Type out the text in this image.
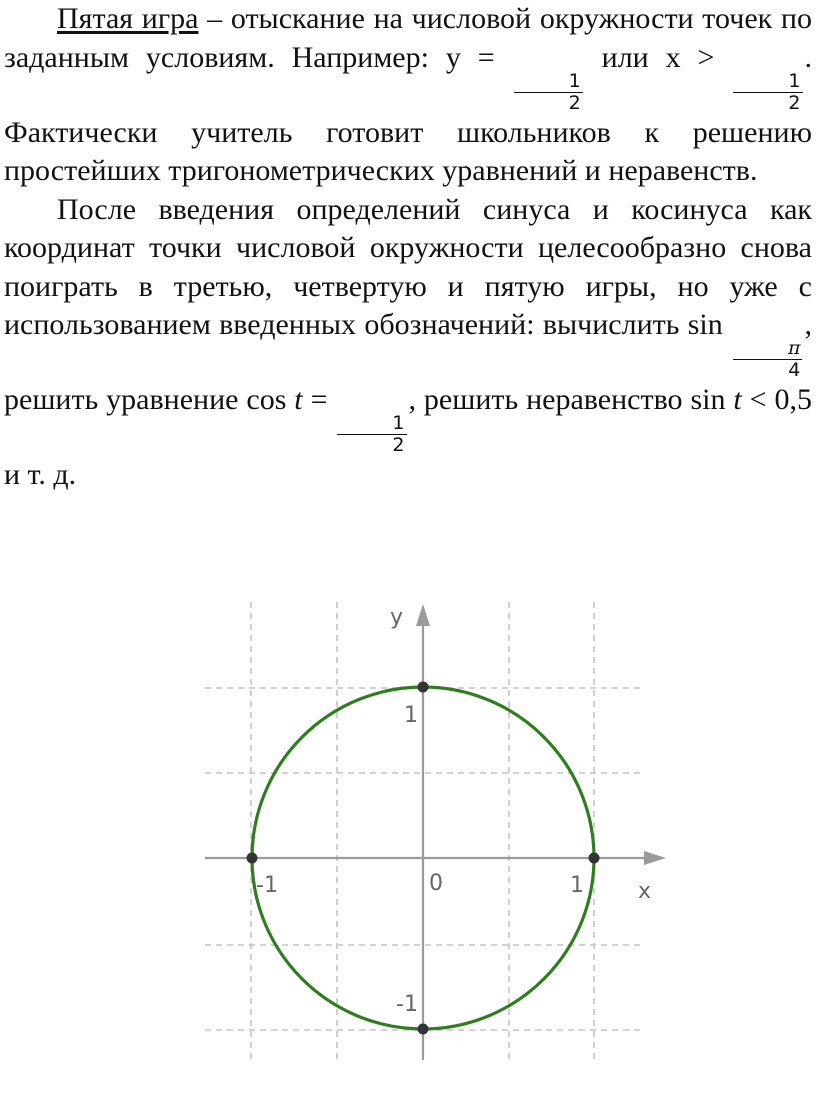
Пятая игра – отыскание на числовой окружности точек по заданным условиям. Например: у =
$\frac{1}{2}$
или x >
$\frac{1}{2}$
. Фактически учитель готовит школьников к решению простейших тригонометрических уравнений и неравенств.

После введения определений синуса и косинуса как координат точки числовой окружности целесообразно снова поиграть в третью, четвертую и пятую игры, но уже с использованием введенных обозначений: вычислить sin
$\frac{\pi}{4}$
, решить уравнение cos t =
$\frac{1}{2}$
, решить неравенство sin t < 0,5 и т. д.

y
x
0	1
-1
1
-1
